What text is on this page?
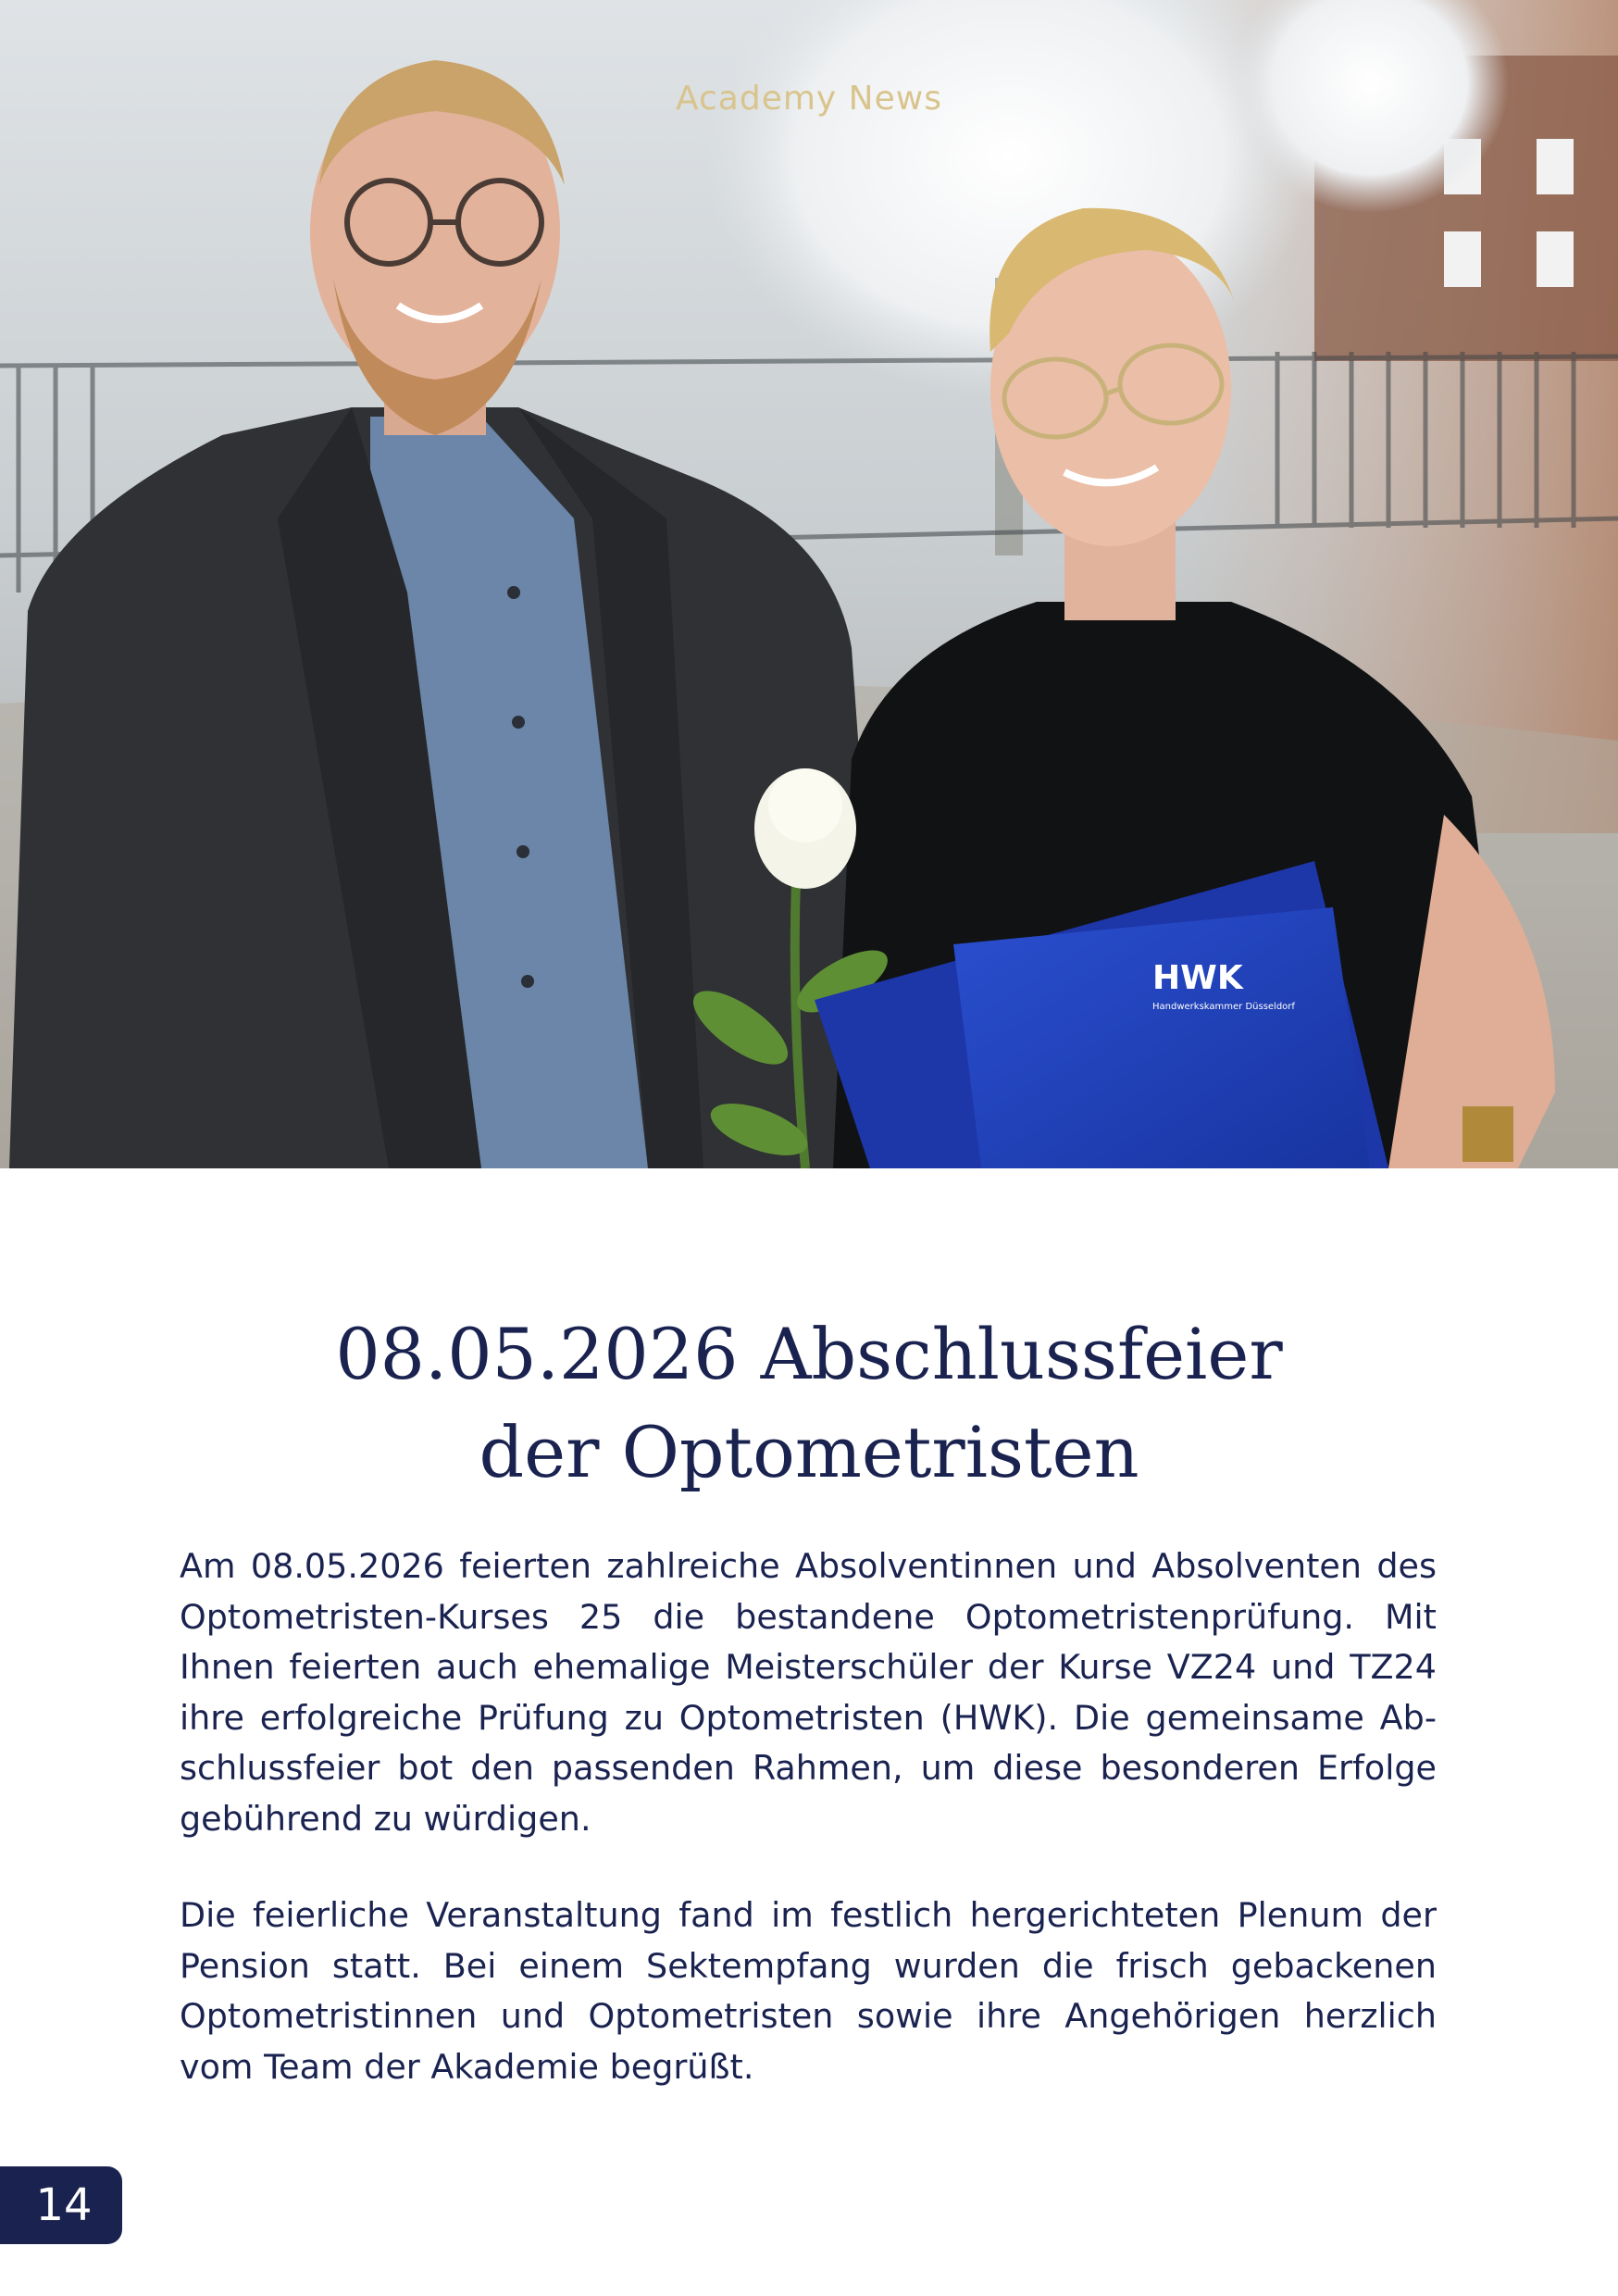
HWK
Handwerkskammer Düsseldorf
Academy News
08.05.2026 Abschlussfeier
der Optometristen

Am 08.05.2026 feierten zahlreiche Absolventinnen und Absolventen des Optometristen-Kurses 25 die bestandene Optometristenprüfung. Mit Ihnen feierten auch ehemalige Meisterschüler der Kurse VZ24 und TZ24 ihre erfolgreiche Prüfung zu Optometristen (HWK). Die gemeinsame Abschlussfeier bot den passenden Rahmen, um diese besonderen Erfolge gebührend zu würdigen.

Die feierliche Veranstaltung fand im festlich hergerichteten Plenum der Pension statt. Bei einem Sektempfang wurden die frisch gebackenen Optometristinnen und Optometristen sowie ihre Angehörigen herzlich vom Team der Akademie begrüßt.

14
